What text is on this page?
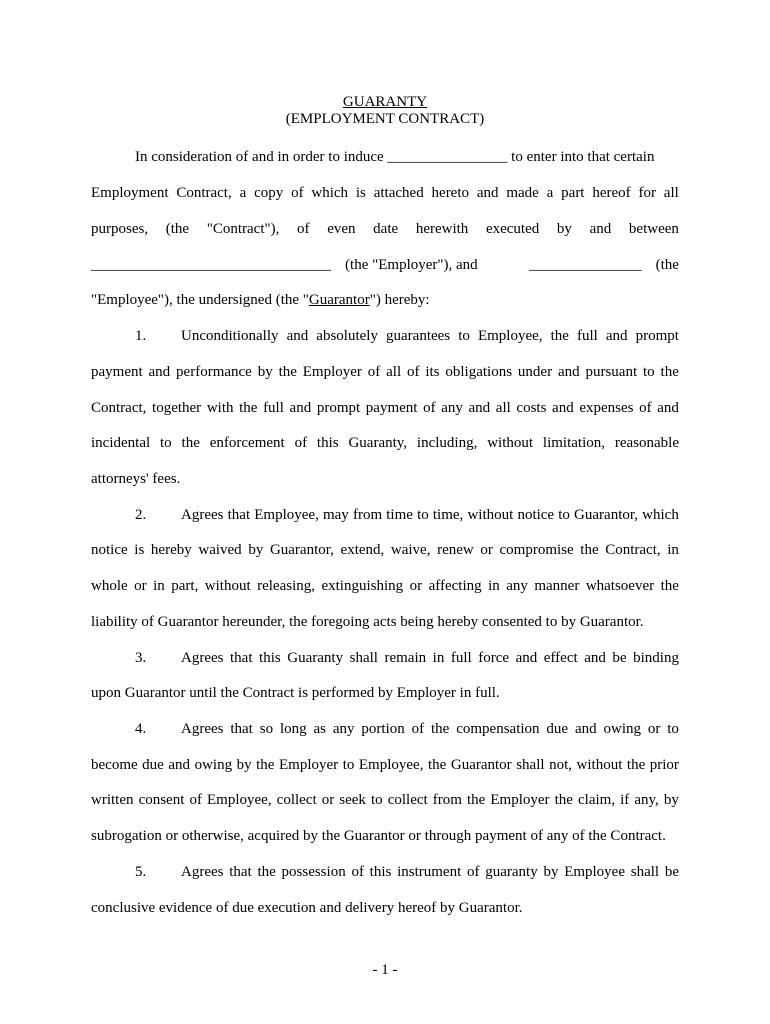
GUARANTY
(EMPLOYMENT CONTRACT)
In consideration of and in order to induce ________________ to enter into that certain
Employment Contract, a copy of which is attached hereto and made a part hereof for all
purposes, (the "Contract"), of even date herewith executed by and between
________________________________ (the "Employer"), and	_______________ (the
"Employee"), the undersigned (the "Guarantor") hereby:
1.	Unconditionally and absolutely guarantees to Employee, the full and prompt
payment and performance by the Employer of all of its obligations under and pursuant to the
Contract, together with the full and prompt payment of any and all costs and expenses of and
incidental to the enforcement of this Guaranty, including, without limitation, reasonable
attorneys' fees.
2.	Agrees that Employee, may from time to time, without notice to Guarantor, which
notice is hereby waived by Guarantor, extend, waive, renew or compromise the Contract, in
whole or in part, without releasing, extinguishing or affecting in any manner whatsoever the
liability of Guarantor hereunder, the foregoing acts being hereby consented to by Guarantor.
3.	Agrees that this Guaranty shall remain in full force and effect and be binding
upon Guarantor until the Contract is performed by Employer in full.
4.	Agrees that so long as any portion of the compensation due and owing or to
become due and owing by the Employer to Employee, the Guarantor shall not, without the prior
written consent of Employee, collect or seek to collect from the Employer the claim, if any, by
subrogation or otherwise, acquired by the Guarantor or through payment of any of the Contract.
5.	Agrees that the possession of this instrument of guaranty by Employee shall be
conclusive evidence of due execution and delivery hereof by Guarantor.
- 1 -
